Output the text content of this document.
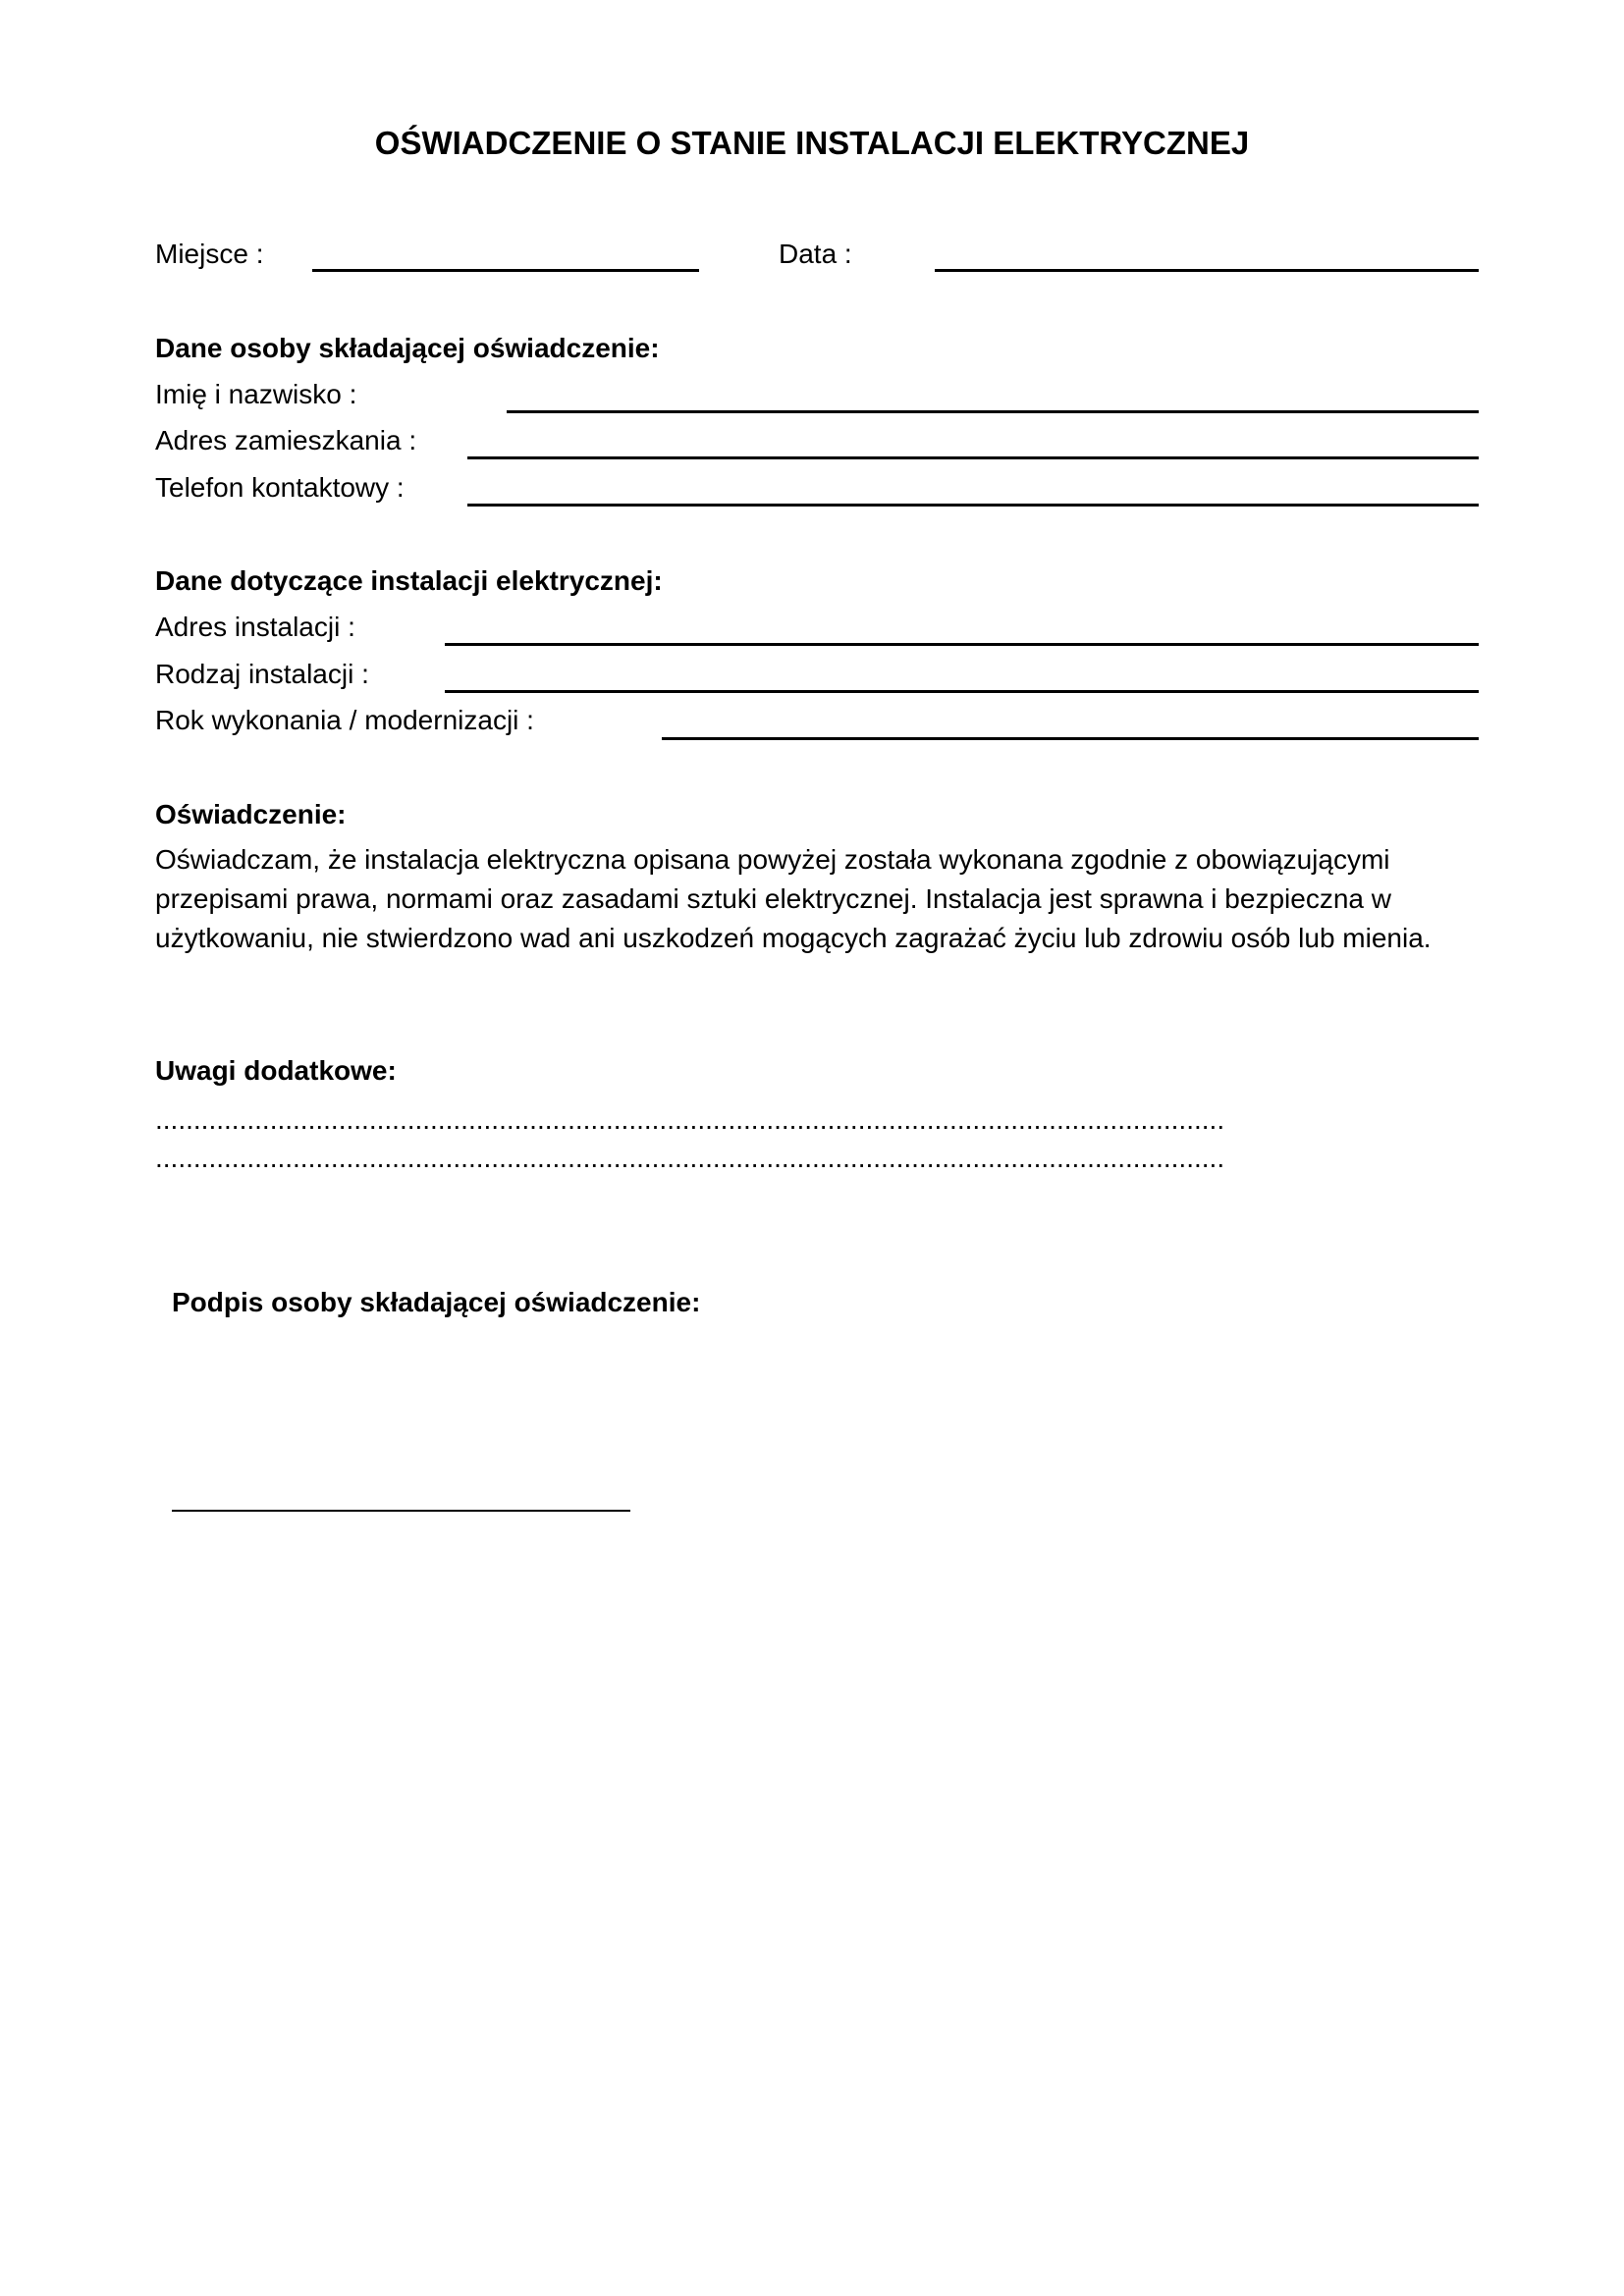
OŚWIADCZENIE O STANIE INSTALACJI ELEKTRYCZNEJ
Miejsce :	Data :
Dane osoby składającej oświadczenie:
Imię i nazwisko :
Adres zamieszkania :
Telefon kontaktowy :
Dane dotyczące instalacji elektrycznej:
Adres instalacji :
Rodzaj instalacji :
Rok wykonania / modernizacji :
Oświadczenie:
Oświadczam, że instalacja elektryczna opisana powyżej została wykonana zgodnie z obowiązującymi
przepisami prawa, normami oraz zasadami sztuki elektrycznej. Instalacja jest sprawna i bezpieczna w
użytkowaniu, nie stwierdzono wad ani uszkodzeń mogących zagrażać życiu lub zdrowiu osób lub mienia.
Uwagi dodatkowe:
............................................................................................................................................
............................................................................................................................................
Podpis osoby składającej oświadczenie:
